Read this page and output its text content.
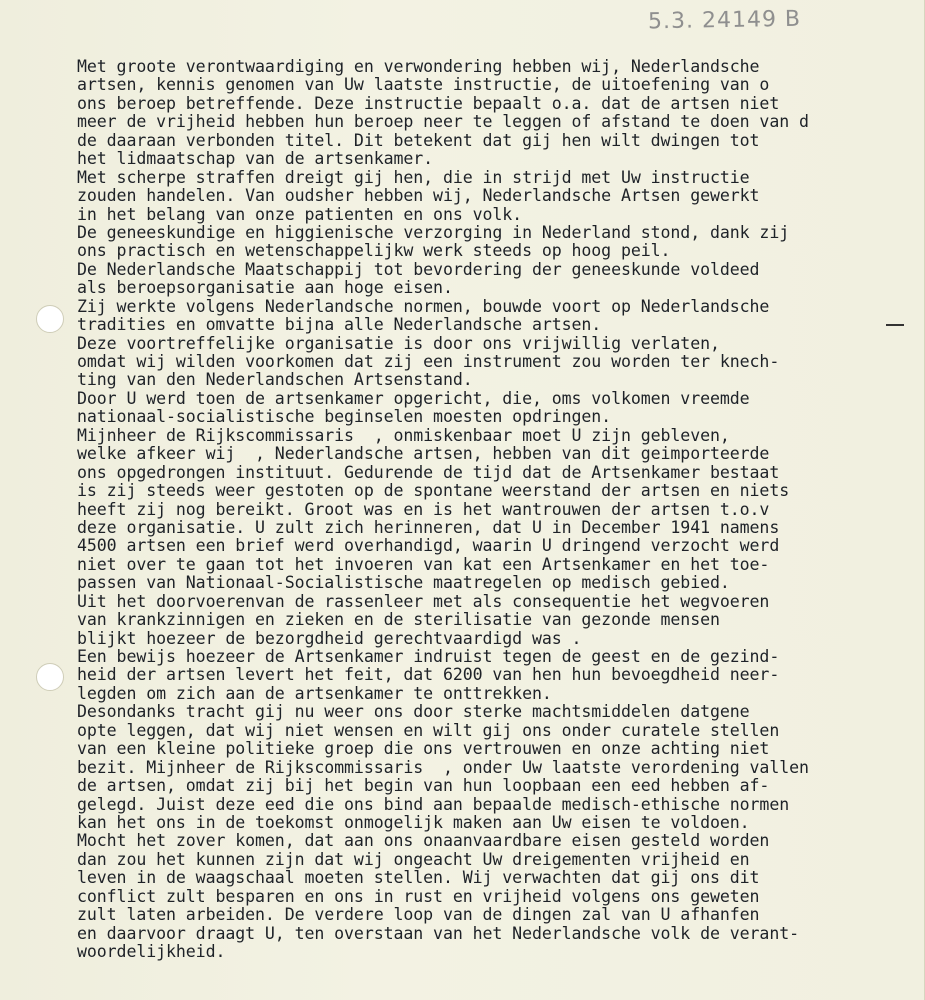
5.3. 24149 B
Met groote verontwaardiging en verwondering hebben wij, Nederlandsche
artsen, kennis genomen van Uw laatste instructie, de uitoefening van o
ons beroep betreffende. Deze instructie bepaalt o.a. dat de artsen niet
meer de vrijheid hebben hun beroep neer te leggen of afstand te doen van d
de daaraan verbonden titel. Dit betekent dat gij hen wilt dwingen tot
het lidmaatschap van de artsenkamer.
Met scherpe straffen dreigt gij hen, die in strijd met Uw instructie
zouden handelen. Van oudsher hebben wij, Nederlandsche Artsen gewerkt
in het belang van onze patienten en ons volk.
De geneeskundige en higgienische verzorging in Nederland stond, dank zij
ons practisch en wetenschappelijkw werk steeds op hoog peil.
De Nederlandsche Maatschappij tot bevordering der geneeskunde voldeed
als beroepsorganisatie aan hoge eisen.
Zij werkte volgens Nederlandsche normen, bouwde voort op Nederlandsche
tradities en omvatte bijna alle Nederlandsche artsen.
Deze voortreffelijke organisatie is door ons vrijwillig verlaten,
omdat wij wilden voorkomen dat zij een instrument zou worden ter knech-
ting van den Nederlandschen Artsenstand.
Door U werd toen de artsenkamer opgericht, die, oms volkomen vreemde
nationaal-socialistische beginselen moesten opdringen.
Mijnheer de Rijkscommissaris  , onmiskenbaar moet U zijn gebleven,
welke afkeer wij  , Nederlandsche artsen, hebben van dit geimporteerde
ons opgedrongen instituut. Gedurende de tijd dat de Artsenkamer bestaat
is zij steeds weer gestoten op de spontane weerstand der artsen en niets
heeft zij nog bereikt. Groot was en is het wantrouwen der artsen t.o.v
deze organisatie. U zult zich herinneren, dat U in December 1941 namens
4500 artsen een brief werd overhandigd, waarin U dringend verzocht werd
niet over te gaan tot het invoeren van kat een Artsenkamer en het toe-
passen van Nationaal-Socialistische maatregelen op medisch gebied.
Uit het doorvoerenvan de rassenleer met als consequentie het wegvoeren
van krankzinnigen en zieken en de sterilisatie van gezonde mensen
blijkt hoezeer de bezorgdheid gerechtvaardigd was .
Een bewijs hoezeer de Artsenkamer indruist tegen de geest en de gezind-
heid der artsen levert het feit, dat 6200 van hen hun bevoegdheid neer-
legden om zich aan de artsenkamer te onttrekken.
Desondanks tracht gij nu weer ons door sterke machtsmiddelen datgene
opte leggen, dat wij niet wensen en wilt gij ons onder curatele stellen
van een kleine politieke groep die ons vertrouwen en onze achting niet
bezit. Mijnheer de Rijkscommissaris  , onder Uw laatste verordening vallen
de artsen, omdat zij bij het begin van hun loopbaan een eed hebben af-
gelegd. Juist deze eed die ons bind aan bepaalde medisch-ethische normen
kan het ons in de toekomst onmogelijk maken aan Uw eisen te voldoen.
Mocht het zover komen, dat aan ons onaanvaardbare eisen gesteld worden
dan zou het kunnen zijn dat wij ongeacht Uw dreigementen vrijheid en
leven in de waagschaal moeten stellen. Wij verwachten dat gij ons dit
conflict zult besparen en ons in rust en vrijheid volgens ons geweten
zult laten arbeiden. De verdere loop van de dingen zal van U afhanfen
en daarvoor draagt U, ten overstaan van het Nederlandsche volk de verant-
woordelijkheid.
